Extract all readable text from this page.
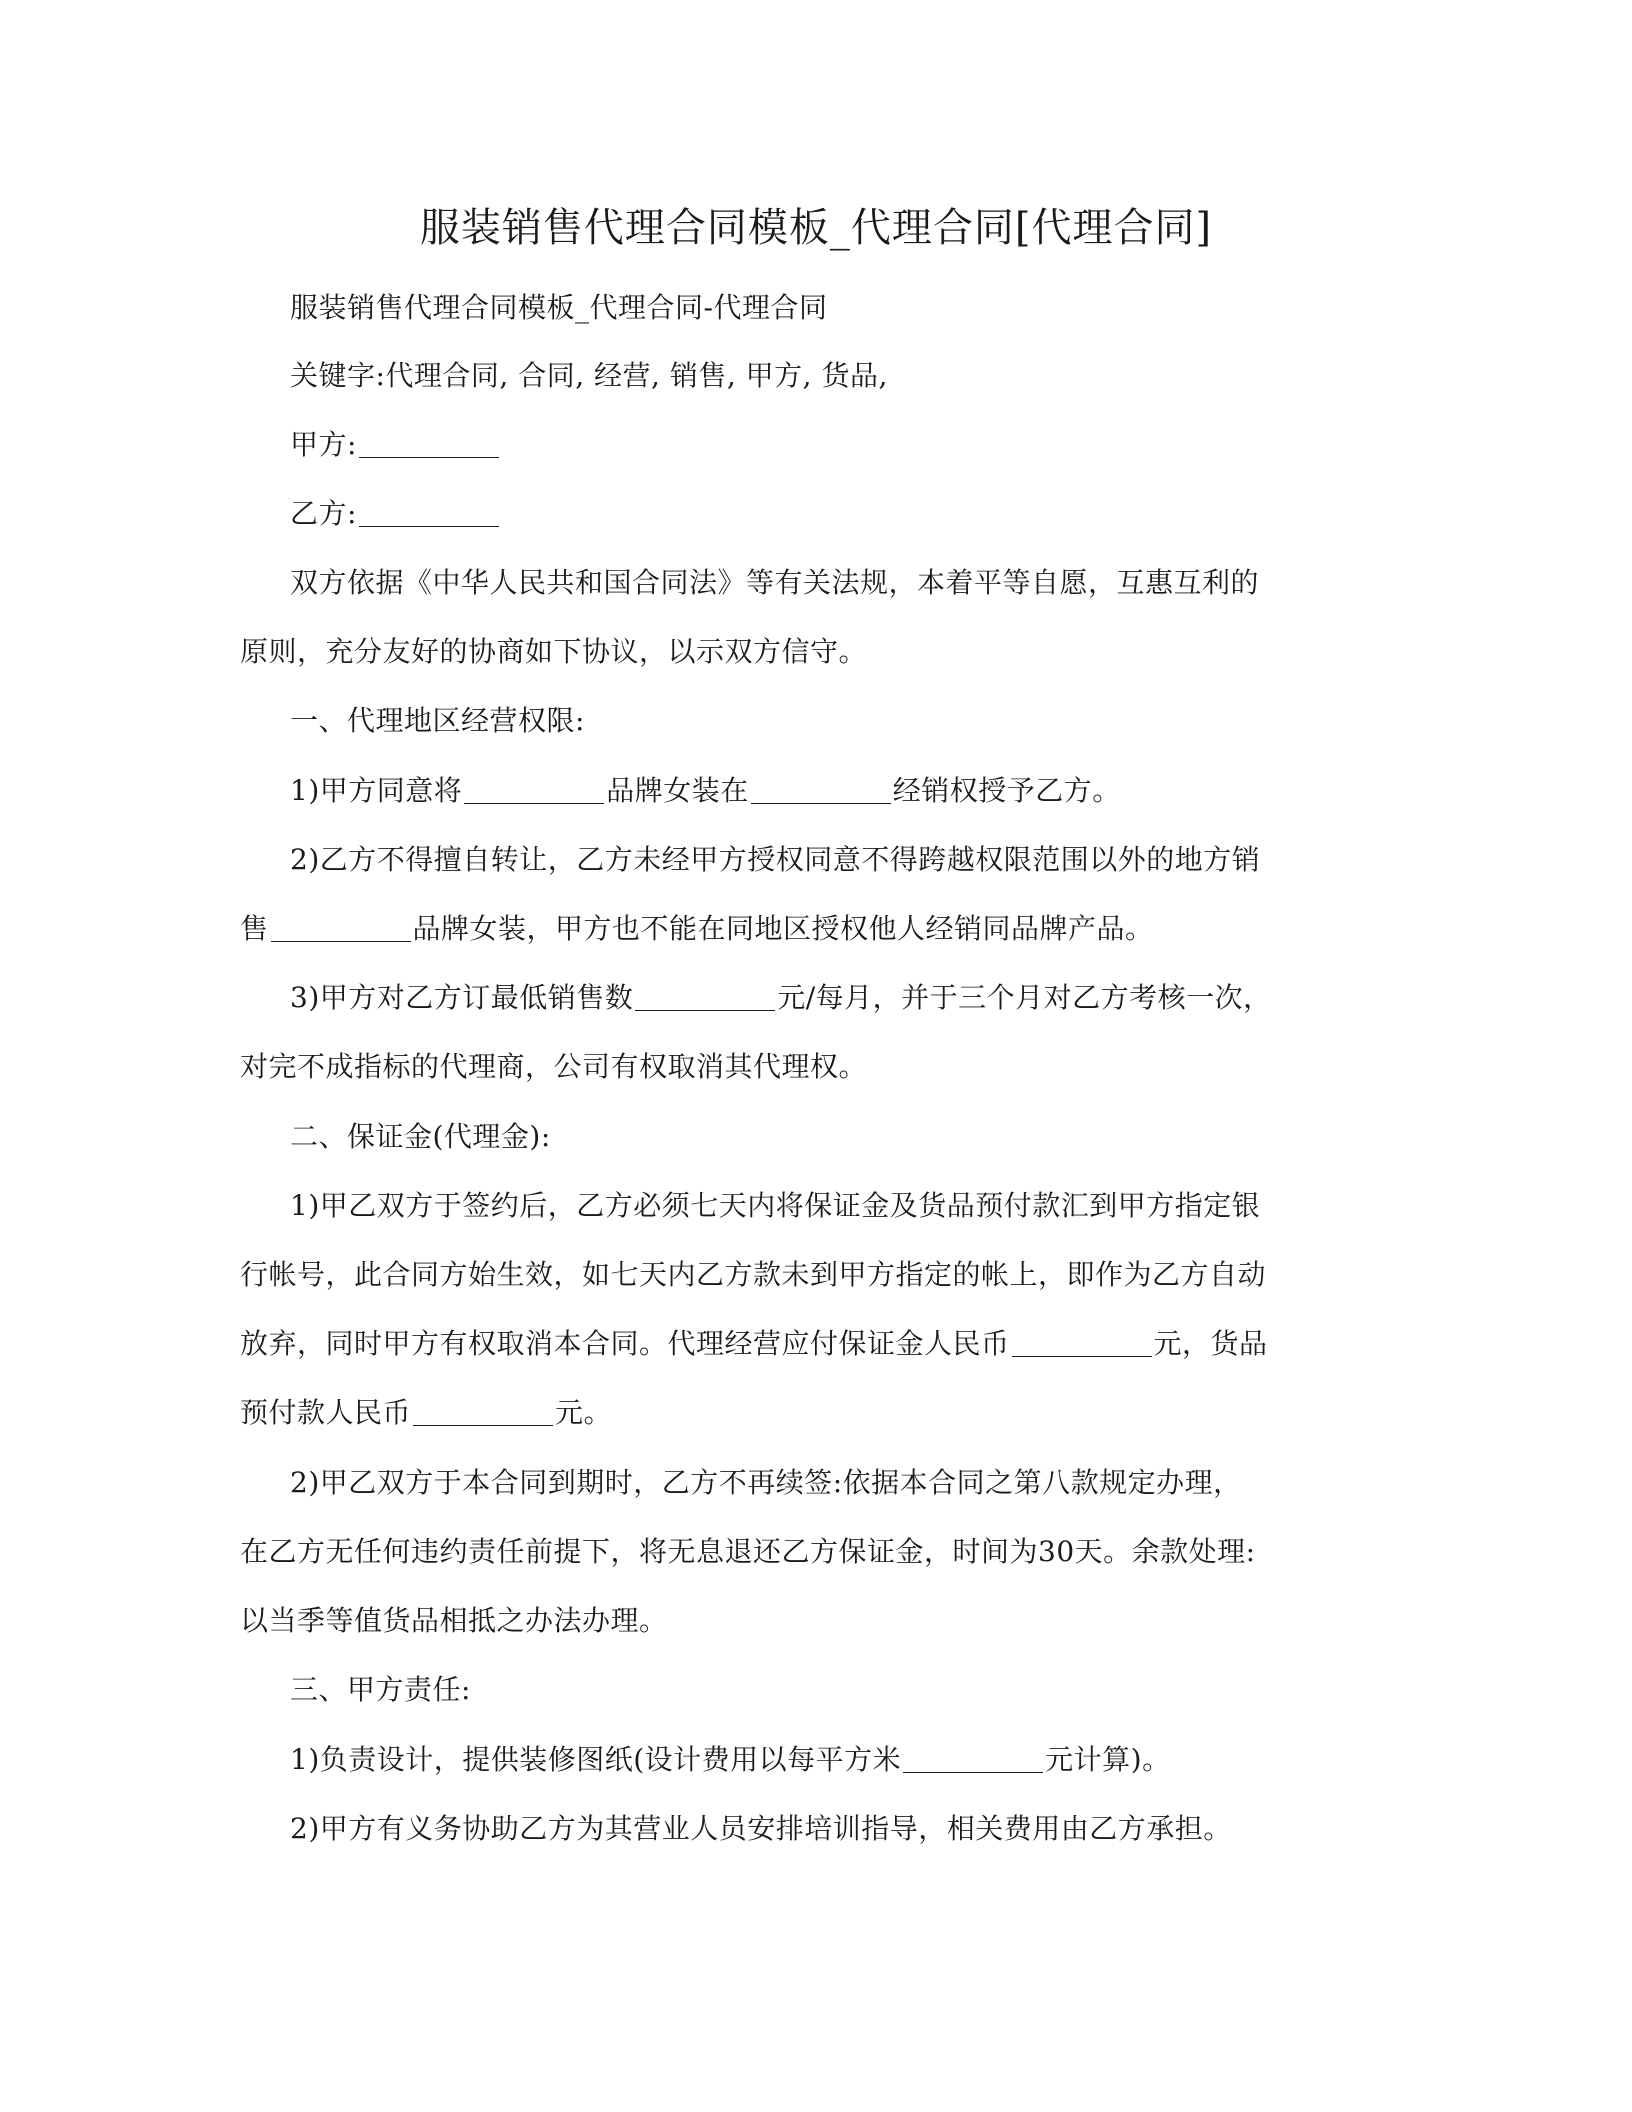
服装销售代理合同模板_代理合同[代理合同]
服装销售代理合同模板_代理合同-代理合同
关键字:代理合同, 合同, 经营, 销售, 甲方, 货品,
甲方:
乙方:
双方依据《中华人民共和国合同法》等有关法规，本着平等自愿，互惠互利的
原则，充分友好的协商如下协议，以示双方信守。
一、代理地区经营权限:
1)甲方同意将	品牌女装在	经销权授予乙方。
2)乙方不得擅自转让，乙方未经甲方授权同意不得跨越权限范围以外的地方销
售	品牌女装，甲方也不能在同地区授权他人经销同品牌产品。
3)甲方对乙方订最低销售数	元/每月，并于三个月对乙方考核一次，
对完不成指标的代理商，公司有权取消其代理权。
二、保证金(代理金):
1)甲乙双方于签约后，乙方必须七天内将保证金及货品预付款汇到甲方指定银
行帐号，此合同方始生效，如七天内乙方款未到甲方指定的帐上，即作为乙方自动
放弃，同时甲方有权取消本合同。代理经营应付保证金人民币	元，货品
预付款人民币	元。
2)甲乙双方于本合同到期时，乙方不再续签:依据本合同之第八款规定办理，
在乙方无任何违约责任前提下，将无息退还乙方保证金，时间为30天。余款处理:
以当季等值货品相抵之办法办理。
三、甲方责任:
1)负责设计，提供装修图纸(设计费用以每平方米	元计算)。
2)甲方有义务协助乙方为其营业人员安排培训指导，相关费用由乙方承担。
